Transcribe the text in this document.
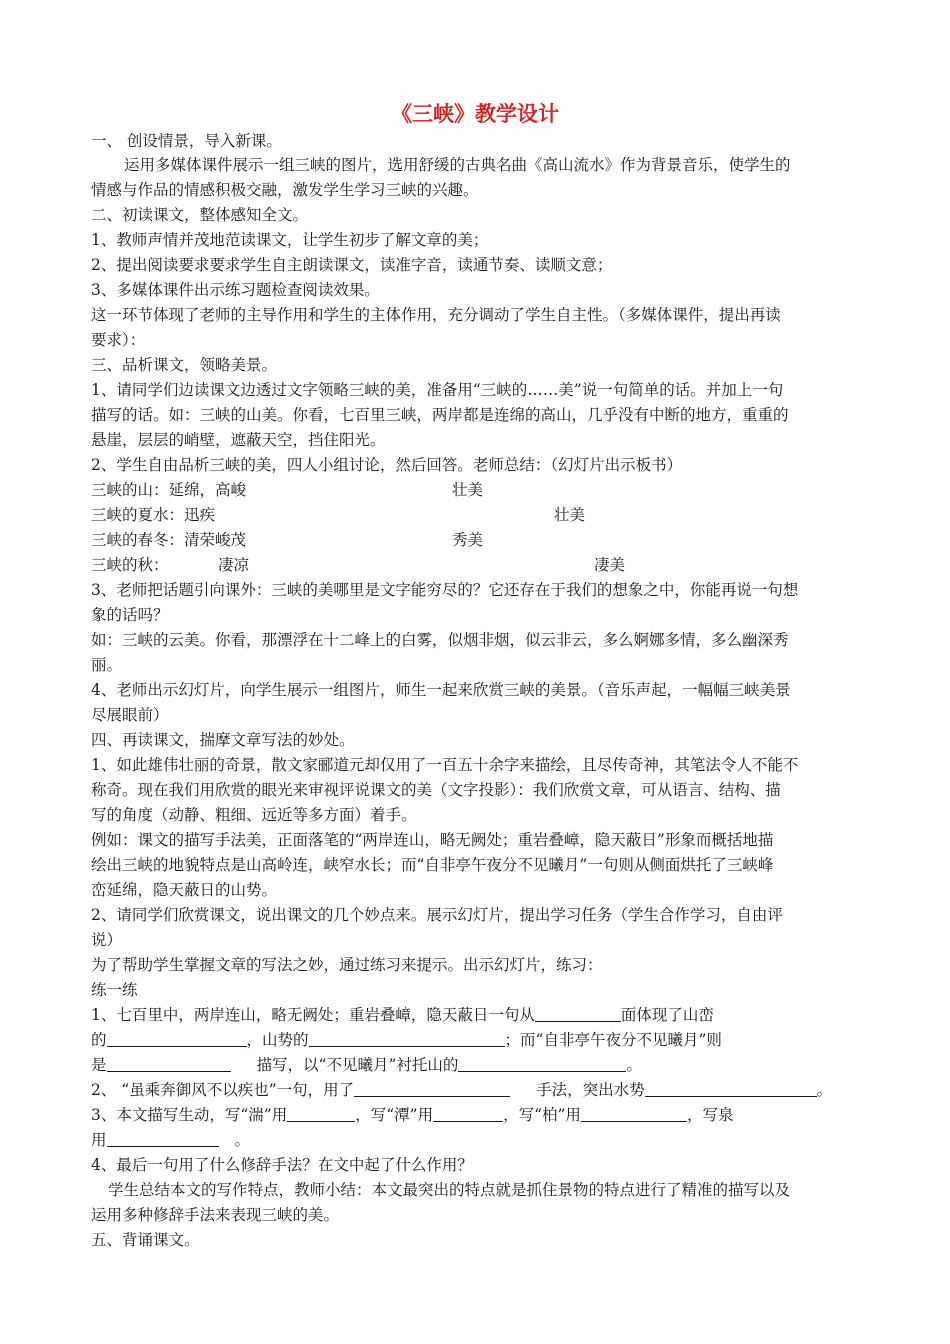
《三峡》教学设计
一、 创设情景，导入新课。
运用多媒体课件展示一组三峡的图片，选用舒缓的古典名曲《高山流水》作为背景音乐，使学生的
情感与作品的情感积极交融，激发学生学习三峡的兴趣。
二、初读课文，整体感知全文。
1、教师声情并茂地范读课文，让学生初步了解文章的美；
2、提出阅读要求要求学生自主朗读课文，读准字音，读通节奏、读顺文意；
3、多媒体课件出示练习题检查阅读效果。
这一环节体现了老师的主导作用和学生的主体作用，充分调动了学生自主性。（多媒体课件，提出再读
要求）：
三、品析课文，领略美景。
1、请同学们边读课文边透过文字领略三峡的美，准备用“三峡的……美”说一句简单的话。并加上一句
描写的话。如：三峡的山美。你看，七百里三峡，两岸都是连绵的高山，几乎没有中断的地方，重重的
悬崖，层层的峭壁，遮蔽天空，挡住阳光。
2、学生自由品析三峡的美，四人小组讨论，然后回答。老师总结：（幻灯片出示板书）
三峡的山：延绵，高峻	壮美
三峡的夏水：迅疾	壮美
三峡的春冬：清荣峻茂	秀美
三峡的秋：	凄凉	凄美
3、老师把话题引向课外：三峡的美哪里是文字能穷尽的？它还存在于我们的想象之中，你能再说一句想
象的话吗？
如：三峡的云美。你看，那漂浮在十二峰上的白雾，似烟非烟，似云非云，多么婀娜多情，多么幽深秀
丽。
4、老师出示幻灯片，向学生展示一组图片，师生一起来欣赏三峡的美景。（音乐声起，一幅幅三峡美景
尽展眼前）
四、再读课文，揣摩文章写法的妙处。
1、如此雄伟壮丽的奇景，散文家郦道元却仅用了一百五十余字来描绘，且尽传奇神，其笔法令人不能不
称奇。现在我们用欣赏的眼光来审视评说课文的美（文字投影）：我们欣赏文章，可从语言、结构、描
写的角度（动静、粗细、远近等多方面）着手。
例如：课文的描写手法美，正面落笔的“两岸连山，略无阙处；重岩叠嶂，隐天蔽日”形象而概括地描
绘出三峡的地貌特点是山高岭连，峡窄水长；而“自非亭午夜分不见曦月”一句则从侧面烘托了三峡峰
峦延绵，隐天蔽日的山势。
2、请同学们欣赏课文，说出课文的几个妙点来。展示幻灯片，提出学习任务（学生合作学习，自由评
说）
为了帮助学生掌握文章的写法之妙，通过练习来提示。出示幻灯片，练习：
练一练
1、七百里中，两岸连山，略无阙处；重岩叠嶂，隐天蔽日一句从	面体现了山峦
的	，山势的	；而“自非亭午夜分不见曦月”则
是	描写，以“不见曦月”衬托山的	。
2、 “虽乘奔御风不以疾也”一句，用了	手法，突出水势	。
3、本文描写生动，写“湍”用	，写“潭”用	，写“柏”用	，写泉
用	。
4、最后一句用了什么修辞手法？在文中起了什么作用？
学生总结本文的写作特点，教师小结：本文最突出的特点就是抓住景物的特点进行了精准的描写以及
运用多种修辞手法来表现三峡的美。
五、背诵课文。
